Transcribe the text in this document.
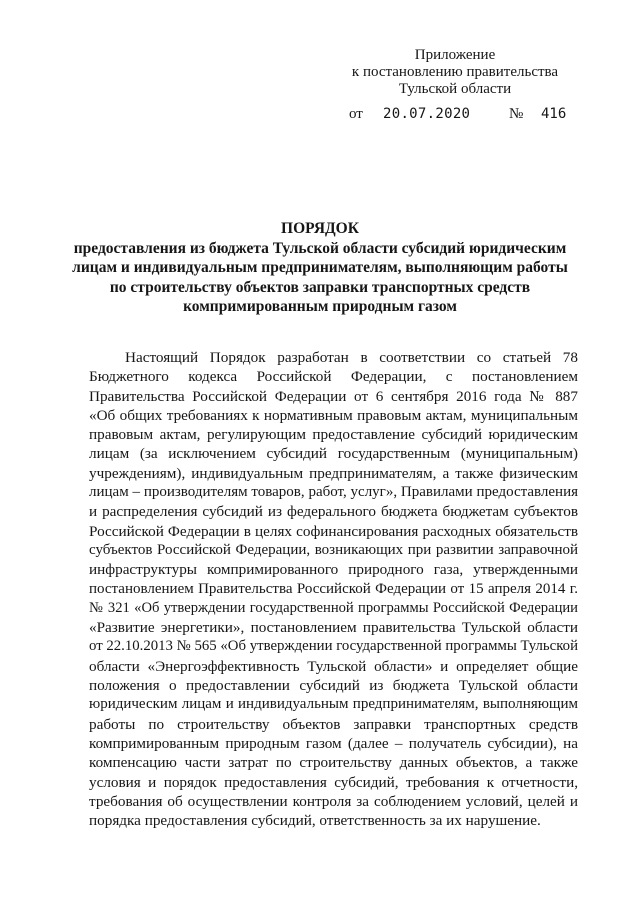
Приложение
к постановлению правительства
Тульской области
от 20.07.2020	№ 416
ПОРЯДОК
предоставления из бюджета Тульской области субсидий юридическим
лицам и индивидуальным предпринимателям, выполняющим работы
по строительству объектов заправки транспортных средств
компримированным природным газом
Настоящий Порядок разработан в соответствии со статьей 78
Бюджетного кодекса Российской Федерации, с постановлением
Правительства Российской Федерации от 6 сентября 2016 года № 887
«Об общих требованиях к нормативным правовым актам, муниципальным
правовым актам, регулирующим предоставление субсидий юридическим
лицам (за исключением субсидий государственным (муниципальным)
учреждениям), индивидуальным предпринимателям, а также физическим
лицам – производителям товаров, работ, услуг», Правилами предоставления
и распределения субсидий из федерального бюджета бюджетам субъектов
Российской Федерации в целях софинансирования расходных обязательств
субъектов Российской Федерации, возникающих при развитии заправочной
инфраструктуры компримированного природного газа, утвержденными
постановлением Правительства Российской Федерации от 15 апреля 2014 г.
№ 321 «Об утверждении государственной программы Российской Федерации
«Развитие энергетики», постановлением правительства Тульской области
от 22.10.2013 № 565 «Об утверждении государственной программы Тульской
области «Энергоэффективность Тульской области» и определяет общие
положения о предоставлении субсидий из бюджета Тульской области
юридическим лицам и индивидуальным предпринимателям, выполняющим
работы по строительству объектов заправки транспортных средств
компримированным природным газом (далее – получатель субсидии), на
компенсацию части затрат по строительству данных объектов, а также
условия и порядок предоставления субсидий, требования к отчетности,
требования об осуществлении контроля за соблюдением условий, целей и
порядка предоставления субсидий, ответственность за их нарушение.
